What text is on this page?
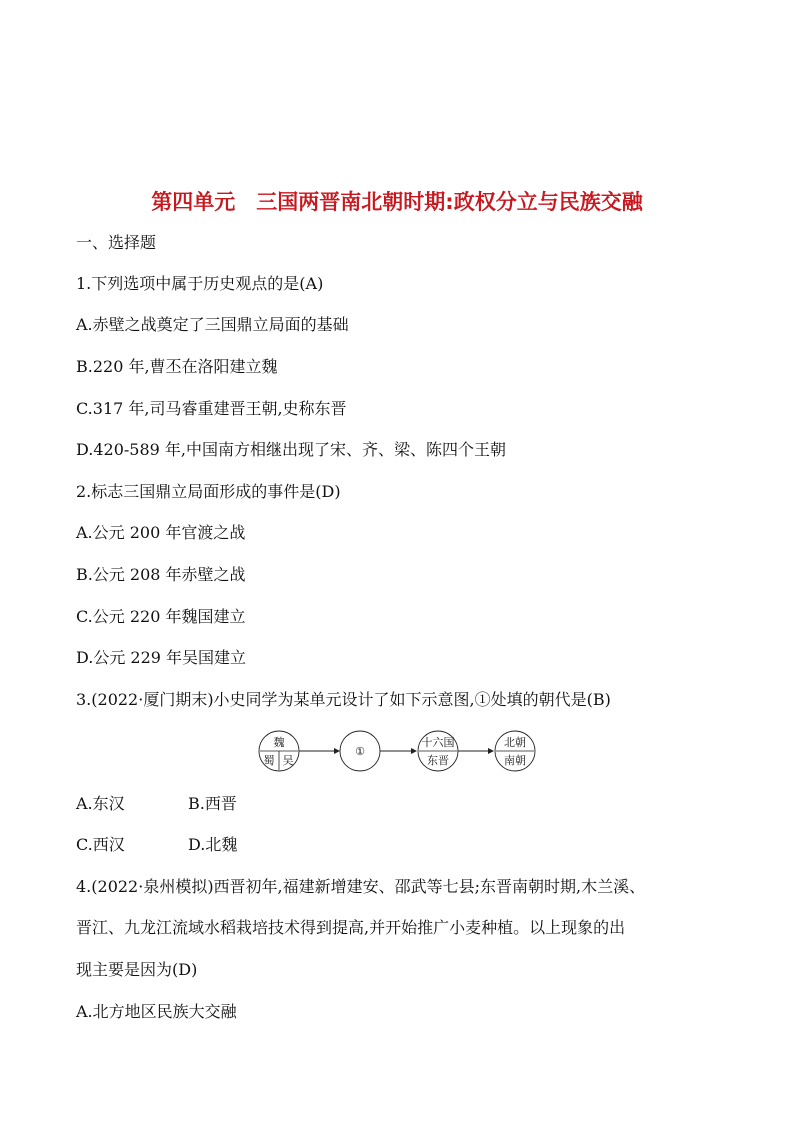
第四单元　三国两晋南北朝时期:政权分立与民族交融
一、选择题
1.下列选项中属于历史观点的是(A)
A.赤壁之战奠定了三国鼎立局面的基础
B.220 年,曹丕在洛阳建立魏
C.317 年,司马睿重建晋王朝,史称东晋
D.420-589 年,中国南方相继出现了宋、齐、梁、陈四个王朝
2.标志三国鼎立局面形成的事件是(D)
A.公元 200 年官渡之战
B.公元 208 年赤壁之战
C.公元 220 年魏国建立
D.公元 229 年吴国建立
3.(2022·厦门期末)小史同学为某单元设计了如下示意图,①处填的朝代是(B)
魏
蜀 吴
①
十六国
东晋
北朝
南朝
A.东汉	B.西晋
C.西汉	D.北魏
4.(2022·泉州模拟)西晋初年,福建新增建安、邵武等七县;东晋南朝时期,木兰溪、
晋江、九龙江流域水稻栽培技术得到提高,并开始推广小麦种植。以上现象的出
现主要是因为(D)
A.北方地区民族大交融
